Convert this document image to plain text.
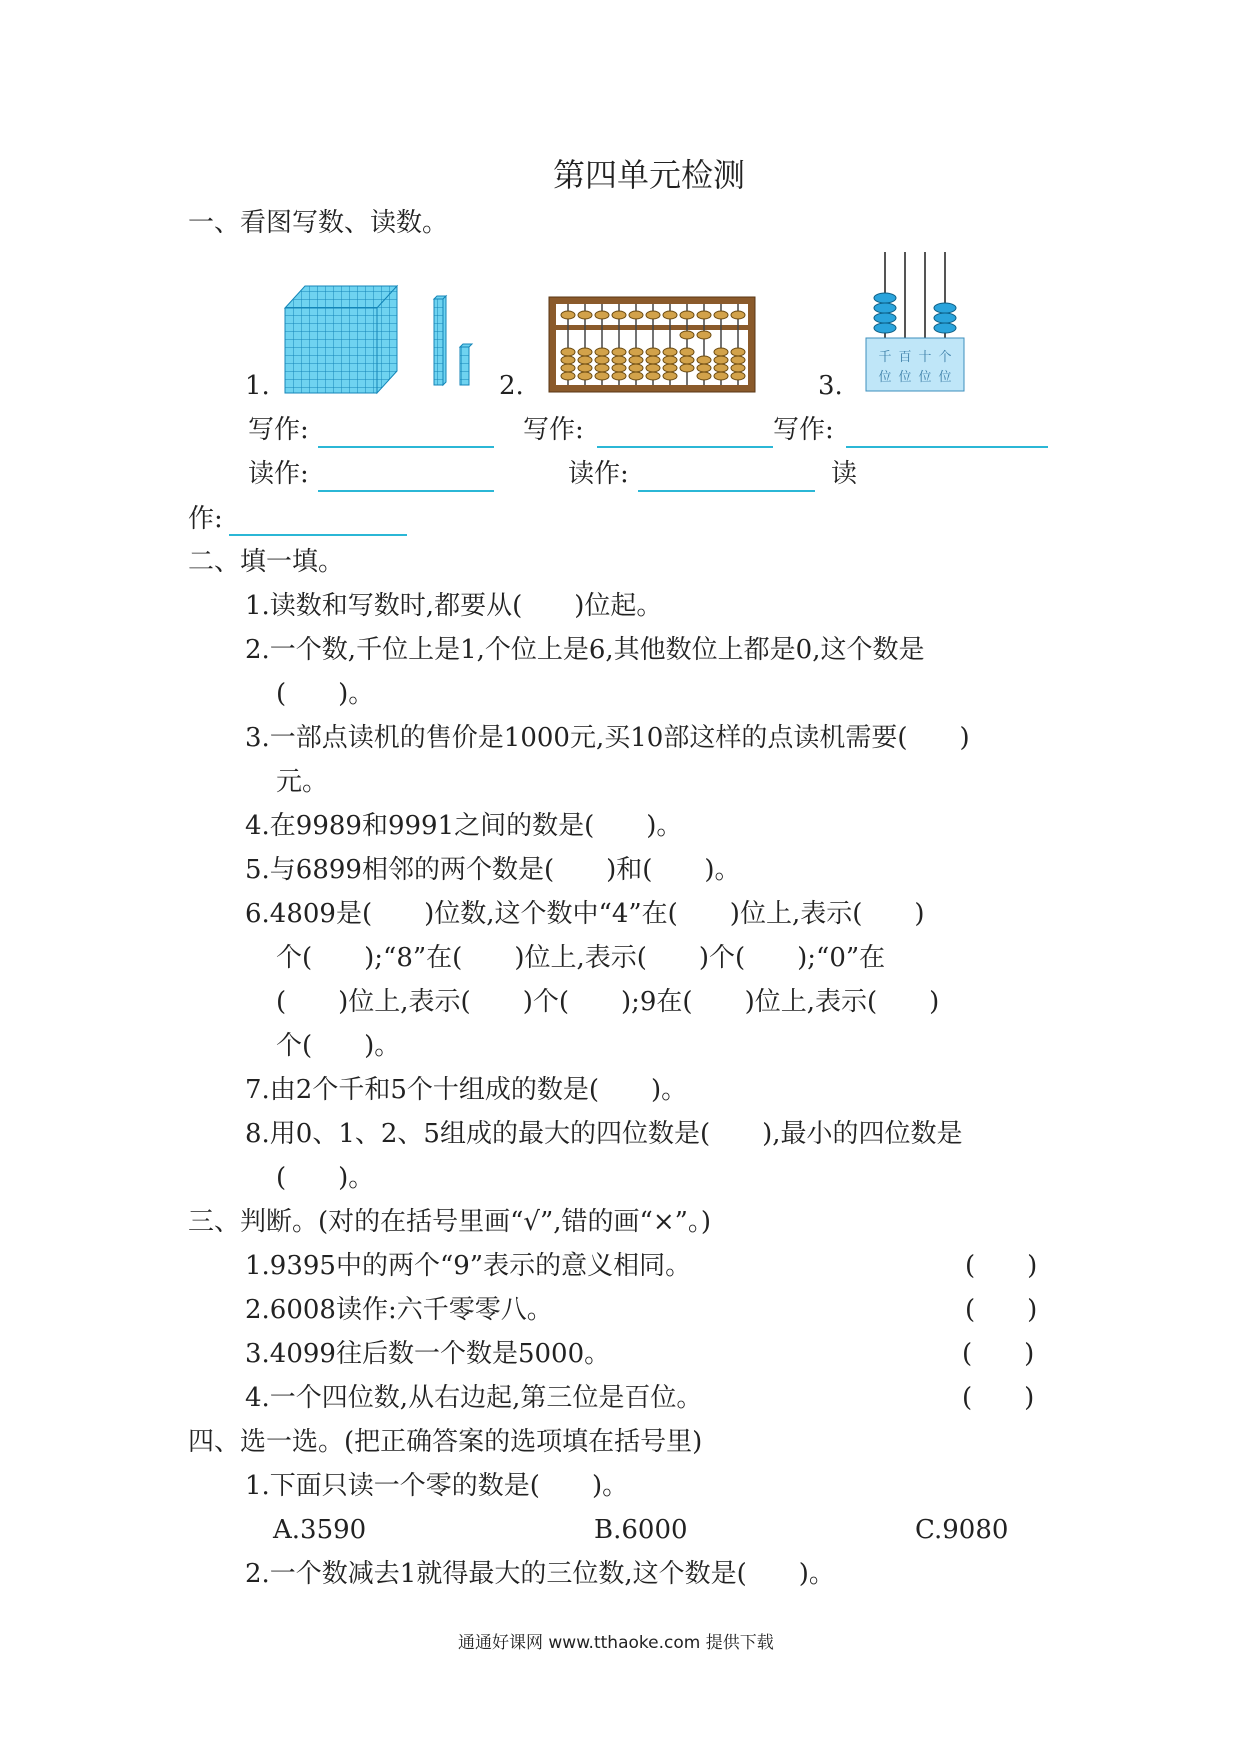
第四单元检测
一、看图写数、读数。
1.	2.
千 百 十 个
位 位 位 位
3.
写作:	写作:	写作:
读作:	读作:	读
作:
二、填一填。
1.读数和写数时,都要从(　　)位起。
2.一个数,千位上是1,个位上是6,其他数位上都是0,这个数是
(　　)。
3.一部点读机的售价是1000元,买10部这样的点读机需要(　　)
元。
4.在9989和9991之间的数是(　　)。
5.与6899相邻的两个数是(　　)和(　　)。
6.4809是(　　)位数,这个数中“4”在(　　)位上,表示(　　)
个(　　);“8”在(　　)位上,表示(　　)个(　　);“0”在
(　　)位上,表示(　　)个(　　);9在(　　)位上,表示(　　)
个(　　)。
7.由2个千和5个十组成的数是(　　)。
8.用0、1、2、5组成的最大的四位数是(　　),最小的四位数是
(　　)。
三、判断。(对的在括号里画“√”,错的画“×”。)
1.9395中的两个“9”表示的意义相同。	(　　)
2.6008读作:六千零零八。	(　　)
3.4099往后数一个数是5000。	(　　)
4.一个四位数,从右边起,第三位是百位。	(　　)
四、选一选。(把正确答案的选项填在括号里)
1.下面只读一个零的数是(　　)。
A.3590	B.6000	C.9080
2.一个数减去1就得最大的三位数,这个数是(　　)。
通通好课网 www.tthaoke.com 提供下载
